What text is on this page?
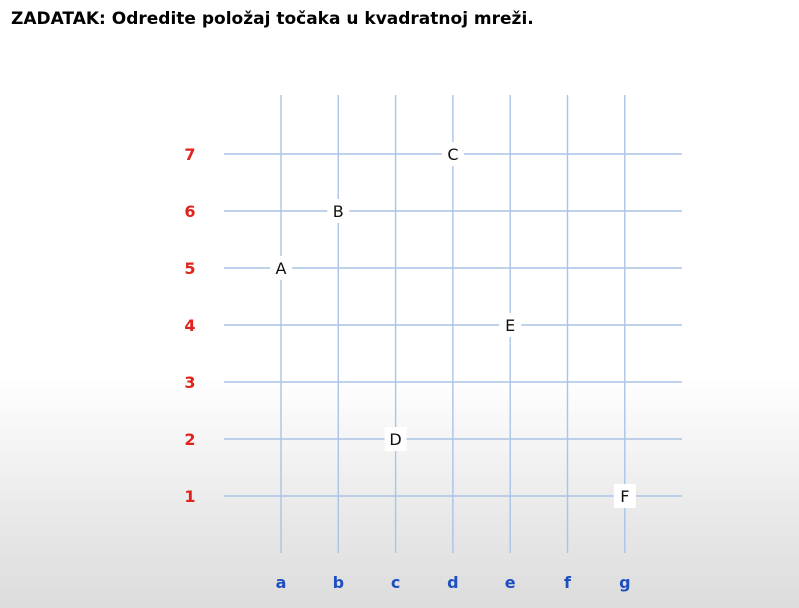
ZADATAK: Odredite položaj točaka u kvadratnoj mreži.
1
2
3
4
5
6
7
a	b	c	d	e	f	g
A
B
C
D
E
F
